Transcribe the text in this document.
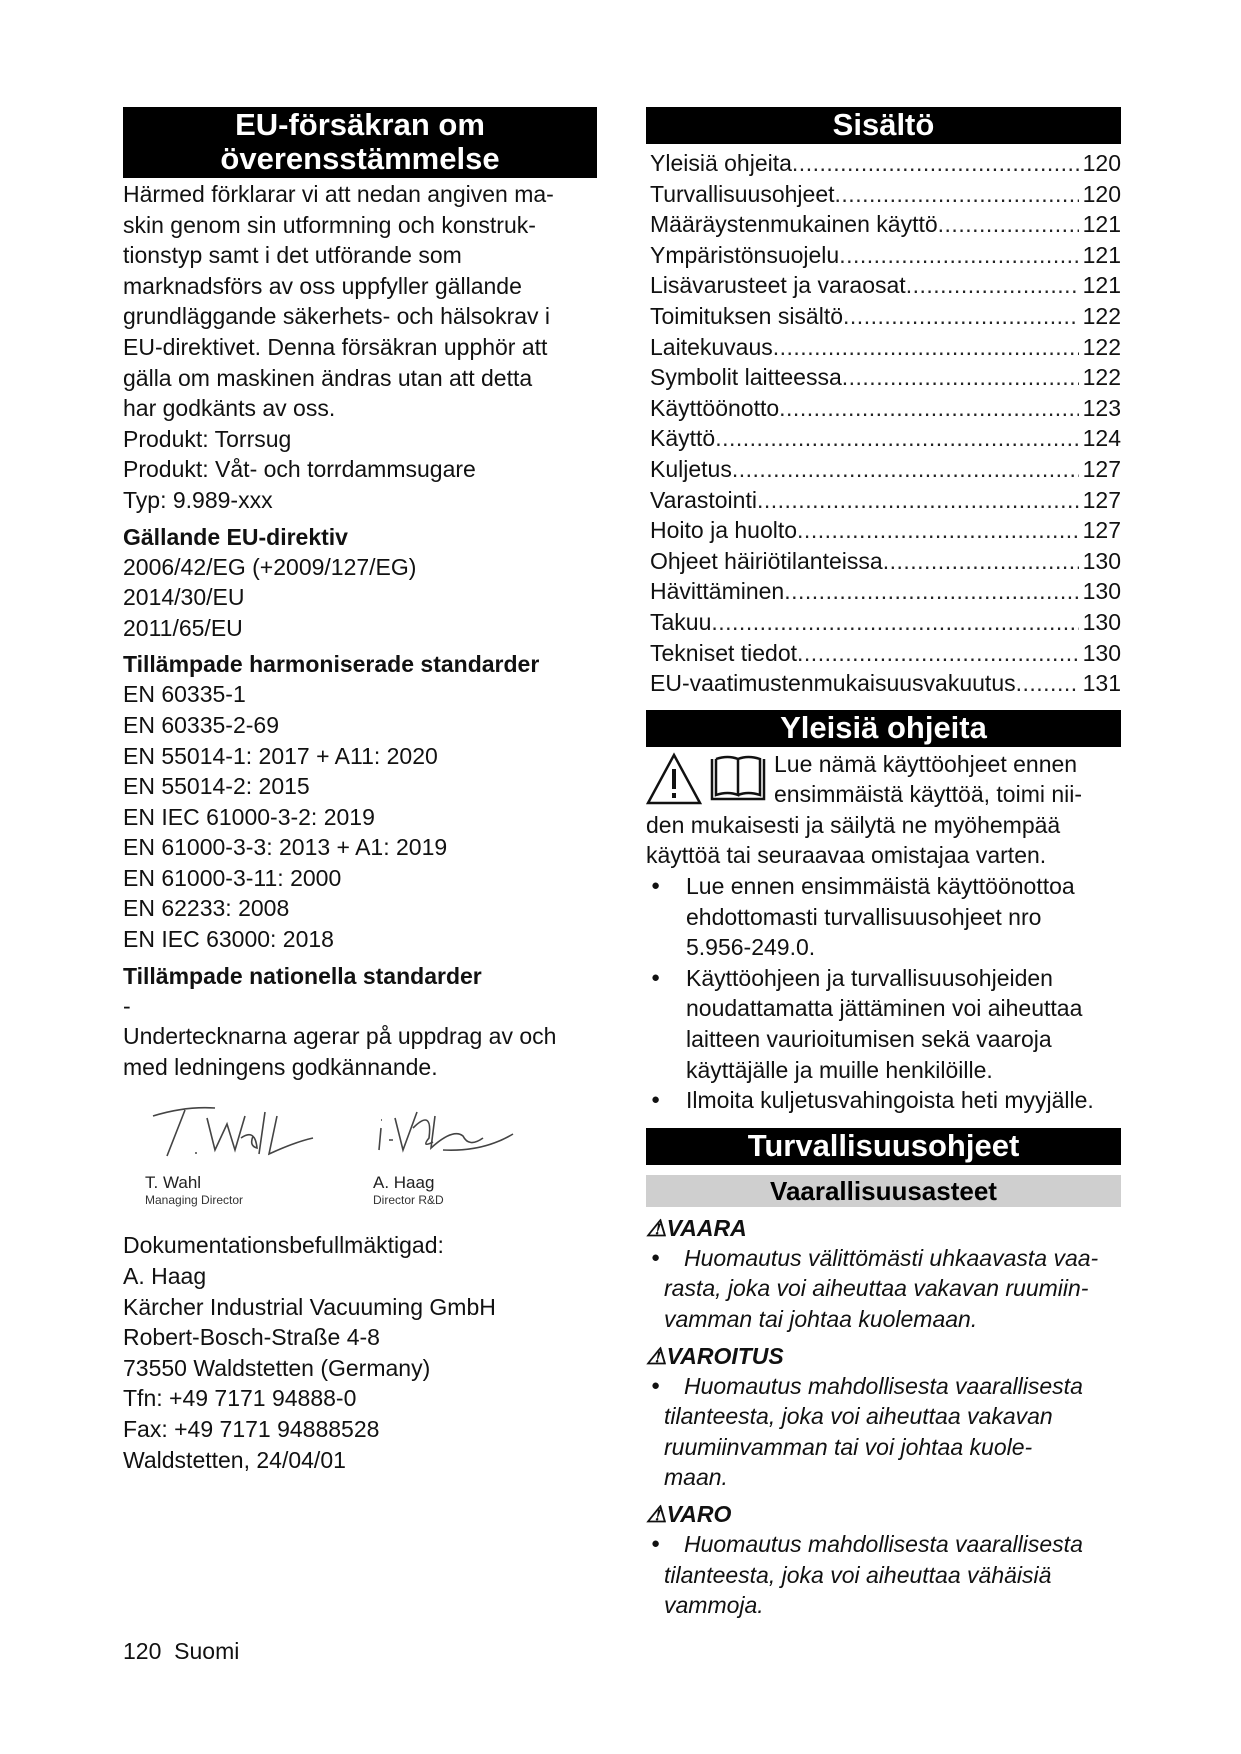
EU-försäkran om
överensstämmelse
Härmed förklarar vi att nedan angiven ma-
skin genom sin utformning och konstruk-
tionstyp samt i det utförande som
marknadsförs av oss uppfyller gällande
grundläggande säkerhets- och hälsokrav i
EU-direktivet. Denna försäkran upphör att
gälla om maskinen ändras utan att detta
har godkänts av oss.
Produkt: Torrsug
Produkt: Våt- och torrdammsugare
Typ: 9.989-xxx
Gällande EU-direktiv
2006/42/EG (+2009/127/EG)
2014/30/EU
2011/65/EU
Tillämpade harmoniserade standarder
EN 60335-1
EN 60335-2-69
EN 55014-1: 2017 + A11: 2020
EN 55014-2: 2015
EN IEC 61000-3-2: 2019
EN 61000-3-3: 2013 + A1: 2019
EN 61000-3-11: 2000
EN 62233: 2008
EN IEC 63000: 2018
Tillämpade nationella standarder
-
Undertecknarna agerar på uppdrag av och
med ledningens godkännande.
T. Wahl
Managing Director
A. Haag
Director R&D
Dokumentationsbefullmäktigad:
A. Haag
Kärcher Industrial Vacuuming GmbH
Robert-Bosch-Straße 4-8
73550 Waldstetten (Germany)
Tfn: +49 7171 94888-0
Fax: +49 7171 94888528
Waldstetten, 24/04/01
Sisältö
Yleisiä ohjeita .....	120
Turvallisuusohjeet .....	120
Määräystenmukainen käyttö .....	121
Ympäristönsuojelu .....	121
Lisävarusteet ja varaosat .....	121
Toimituksen sisältö .....	122
Laitekuvaus .....	122
Symbolit laitteessa .....	122
Käyttöönotto .....	123
Käyttö .....	124
Kuljetus .....	127
Varastointi .....	127
Hoito ja huolto .....	127
Ohjeet häiriötilanteissa .....	130
Hävittäminen .....	130
Takuu .....	130
Tekniset tiedot .....	130
EU-vaatimustenmukaisuusvakuutus .....	131
Yleisiä ohjeita
Lue nämä käyttöohjeet ennen
ensimmäistä käyttöä, toimi nii-
den mukaisesti ja säilytä ne myöhempää
käyttöä tai seuraavaa omistajaa varten.
● Lue ennen ensimmäistä käyttöönottoa
ehdottomasti turvallisuusohjeet nro
5.956-249.0.
● Käyttöohjeen ja turvallisuusohjeiden
noudattamatta jättäminen voi aiheuttaa
laitteen vaurioitumisen sekä vaaroja
käyttäjälle ja muille henkilöille.
● Ilmoita kuljetusvahingoista heti myyjälle.
Turvallisuusohjeet
Vaarallisuusasteet
⚠VAARA
● Huomautus välittömästi uhkaavasta vaa-
rasta, joka voi aiheuttaa vakavan ruumiin-
vamman tai johtaa kuolemaan.
⚠VAROITUS
● Huomautus mahdollisesta vaarallisesta
tilanteesta, joka voi aiheuttaa vakavan
ruumiinvamman tai voi johtaa kuole-
maan.
⚠VARO
● Huomautus mahdollisesta vaarallisesta
tilanteesta, joka voi aiheuttaa vähäisiä
vammoja.
120 Suomi
